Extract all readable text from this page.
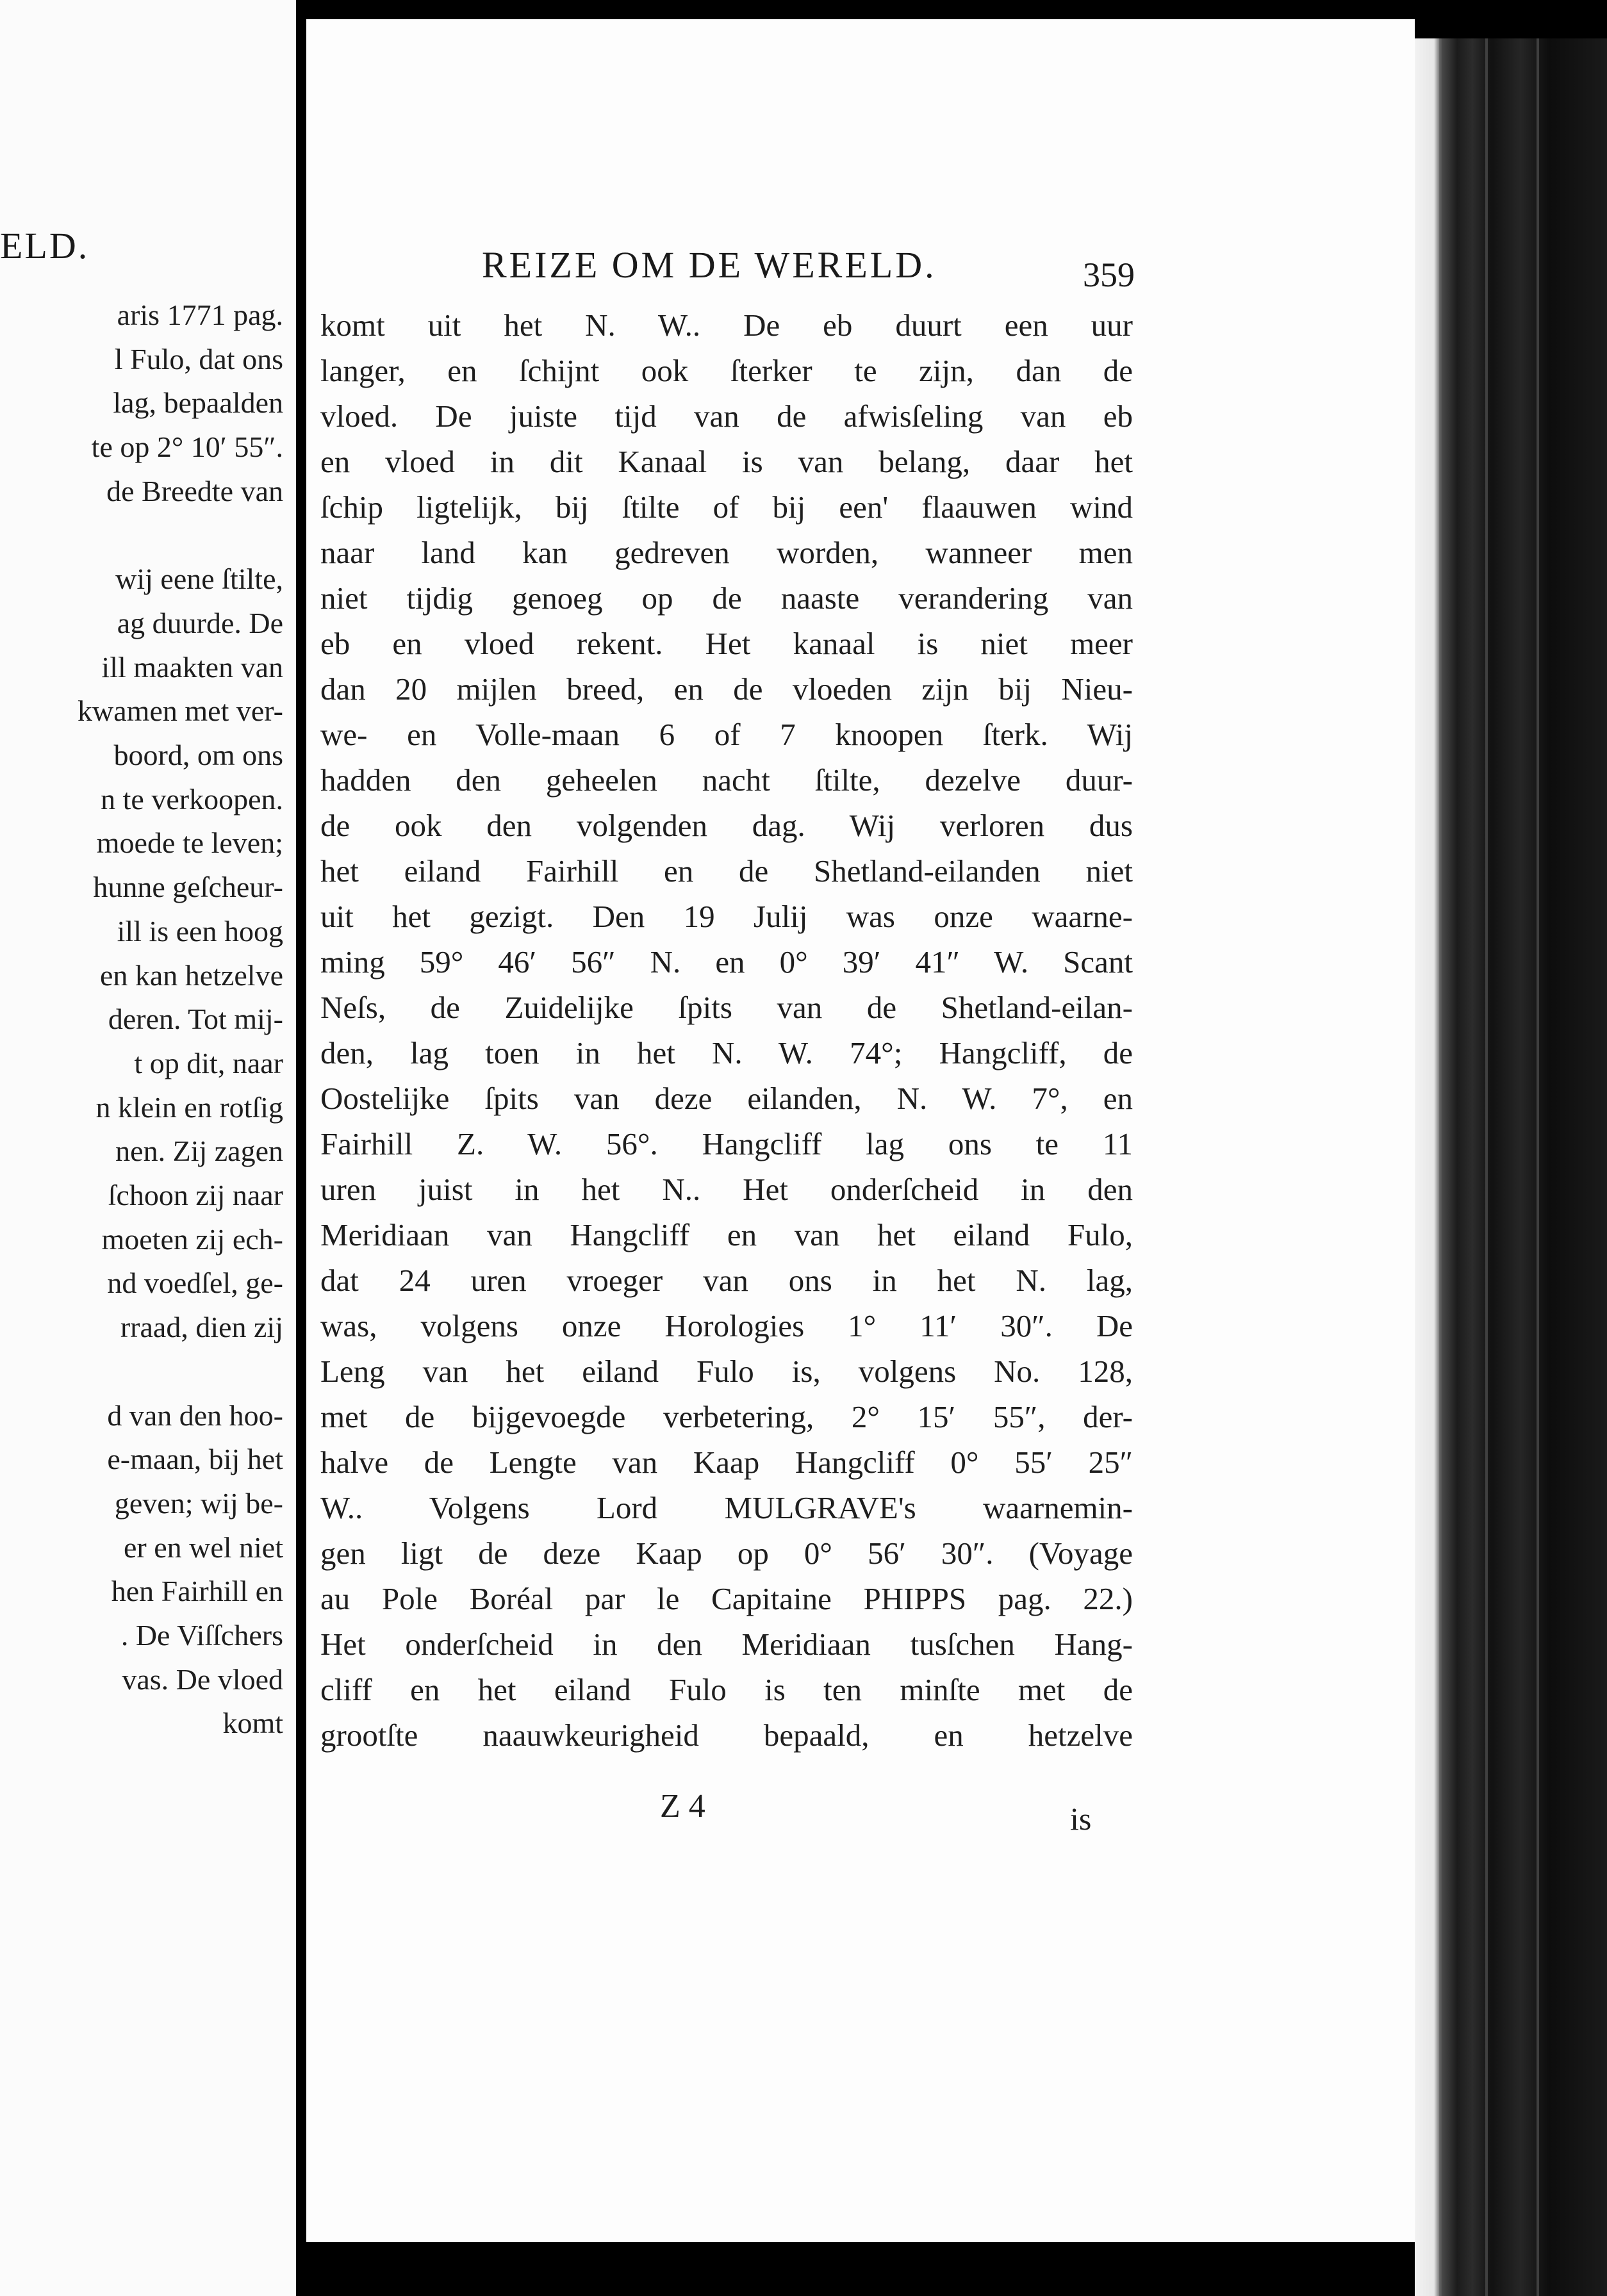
ELD.
aris 1771 pag.
l Fulo, dat ons
lag, bepaalden
te op 2° 10′ 55″.
de Breedte van
wij eene ſtilte,
ag duurde. De
ill maakten van
kwamen met ver-
boord, om ons
n te verkoopen.
moede te leven;
hunne geſcheur-
ill is een hoog
en kan hetzelve
deren. Tot mij-
t op dit, naar
n klein en rotſig
nen. Zij zagen
ſchoon zij naar
moeten zij ech-
nd voedſel, ge-
rraad, dien zij
d van den hoo-
e-maan, bij het
geven; wij be-
er en wel niet
hen Fairhill en
. De Viſſchers
vas. De vloed
komt
REIZE OM DE WERELD.	359
komt uit het N. W.. De eb duurt een uur
langer, en ſchijnt ook ſterker te zijn, dan de
vloed. De juiste tijd van de afwisſeling van eb
en vloed in dit Kanaal is van belang, daar het
ſchip ligtelijk, bij ſtilte of bij een' flaauwen wind
naar land kan gedreven worden, wanneer men
niet tijdig genoeg op de naaste verandering van
eb en vloed rekent. Het kanaal is niet meer
dan 20 mijlen breed, en de vloeden zijn bij Nieu-
we- en Volle-maan 6 of 7 knoopen ſterk. Wij
hadden den geheelen nacht ſtilte, dezelve duur-
de ook den volgenden dag. Wij verloren dus
het eiland Fairhill en de Shetland-eilanden niet
uit het gezigt. Den 19 Julij was onze waarne-
ming 59° 46′ 56″ N. en 0° 39′ 41″ W. Scant
Neſs, de Zuidelijke ſpits van de Shetland-eilan-
den, lag toen in het N. W. 74°; Hangcliff, de
Oostelijke ſpits van deze eilanden, N. W. 7°, en
Fairhill Z. W. 56°. Hangcliff lag ons te 11
uren juist in het N.. Het onderſcheid in den
Meridiaan van Hangcliff en van het eiland Fulo,
dat 24 uren vroeger van ons in het N. lag,
was, volgens onze Horologies 1° 11′ 30″. De
Leng van het eiland Fulo is, volgens No. 128,
met de bijgevoegde verbetering, 2° 15′ 55″, der-
halve de Lengte van Kaap Hangcliff 0° 55′ 25″
W.. Volgens Lord MULGRAVE's waarnemin-
gen ligt de deze Kaap op 0° 56′ 30″. (Voyage
au Pole Boréal par le Capitaine PHIPPS pag. 22.)
Het onderſcheid in den Meridiaan tusſchen Hang-
cliff en het eiland Fulo is ten minſte met de
grootſte naauwkeurigheid bepaald, en hetzelve
Z 4	is
